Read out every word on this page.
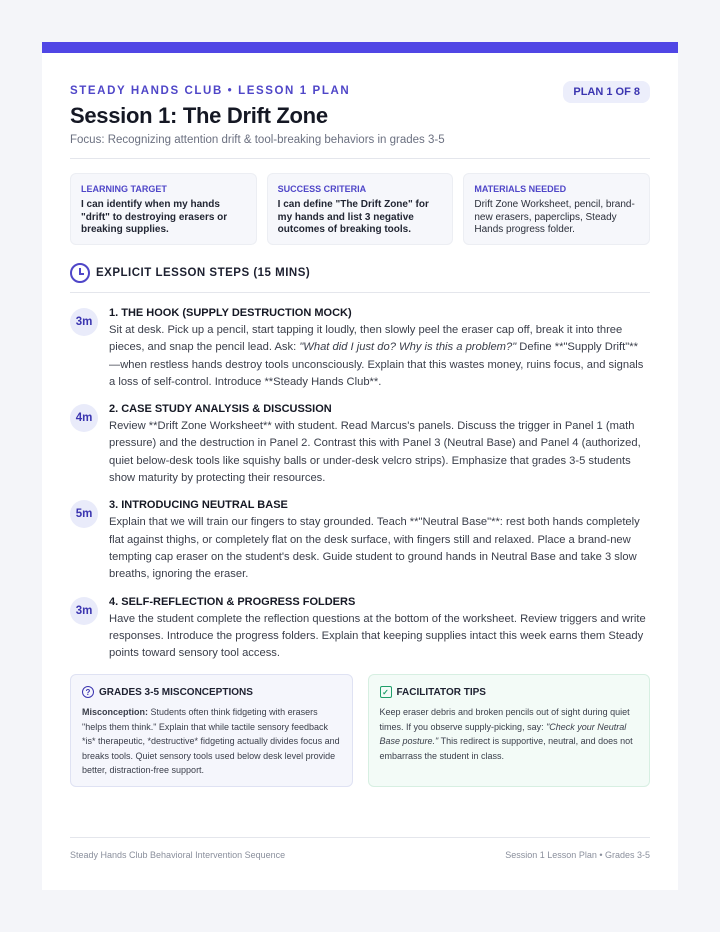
STEADY HANDS CLUB • LESSON 1 PLAN	PLAN 1 OF 8
Session 1: The Drift Zone
Focus: Recognizing attention drift & tool-breaking behaviors in grades 3-5
LEARNING TARGET
I can identify when my hands "drift" to destroying erasers or breaking supplies.
SUCCESS CRITERIA
I can define "The Drift Zone" for my hands and list 3 negative outcomes of breaking tools.
MATERIALS NEEDED
Drift Zone Worksheet, pencil, brand-new erasers, paperclips, Steady Hands progress folder.
EXPLICIT LESSON STEPS (15 MINS)
3m
1. THE HOOK (SUPPLY DESTRUCTION MOCK)
Sit at desk. Pick up a pencil, start tapping it loudly, then slowly peel the eraser cap off, break it into three pieces, and snap the pencil lead. Ask: "What did I just do? Why is this a problem?" Define **"Supply Drift"** —when restless hands destroy tools unconsciously. Explain that this wastes money, ruins focus, and signals a loss of self-control. Introduce **Steady Hands Club**.
4m
2. CASE STUDY ANALYSIS & DISCUSSION
Review **Drift Zone Worksheet** with student. Read Marcus's panels. Discuss the trigger in Panel 1 (math pressure) and the destruction in Panel 2. Contrast this with Panel 3 (Neutral Base) and Panel 4 (authorized, quiet below-desk tools like squishy balls or under-desk velcro strips). Emphasize that grades 3-5 students show maturity by protecting their resources.
5m
3. INTRODUCING NEUTRAL BASE
Explain that we will train our fingers to stay grounded. Teach **"Neutral Base"**: rest both hands completely flat against thighs, or completely flat on the desk surface, with fingers still and relaxed. Place a brand-new tempting cap eraser on the student's desk. Guide student to ground hands in Neutral Base and take 3 slow breaths, ignoring the eraser.
3m
4. SELF-REFLECTION & PROGRESS FOLDERS
Have the student complete the reflection questions at the bottom of the worksheet. Review triggers and write responses. Introduce the progress folders. Explain that keeping supplies intact this week earns them Steady points toward sensory tool access.
? GRADES 3-5 MISCONCEPTIONS
Misconception: Students often think fidgeting with erasers "helps them think." Explain that while tactile sensory feedback *is* therapeutic, *destructive* fidgeting actually divides focus and breaks tools. Quiet sensory tools used below desk level provide better, distraction-free support.
✓ FACILITATOR TIPS
Keep eraser debris and broken pencils out of sight during quiet times. If you observe supply-picking, say: "Check your Neutral Base posture." This redirect is supportive, neutral, and does not embarrass the student in class.
Steady Hands Club Behavioral Intervention Sequence	Session 1 Lesson Plan • Grades 3-5
